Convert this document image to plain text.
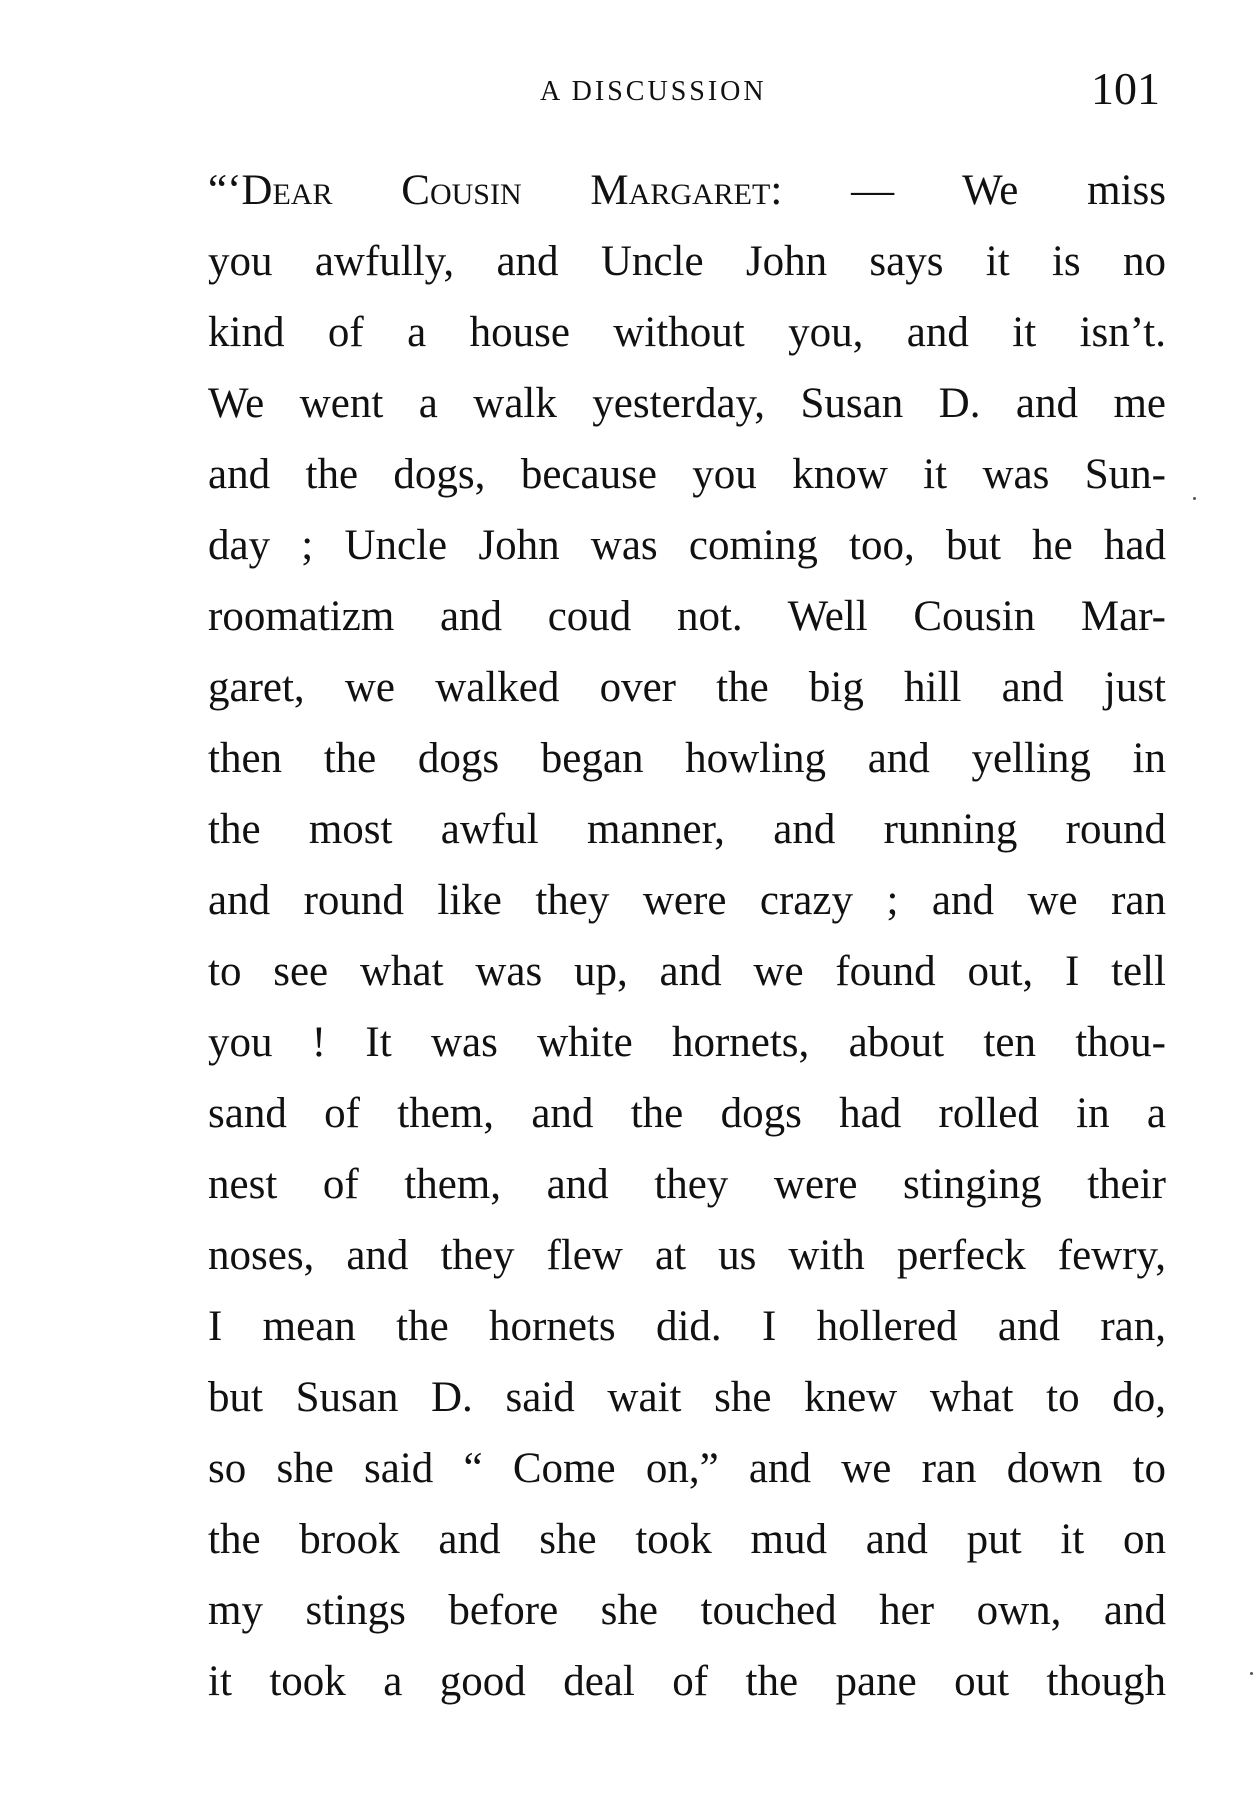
A DISCUSSION	101
“‘Dear Cousin Margaret: — We miss
you awfully, and Uncle John says it is no
kind of a house without you, and it isn’t.
We went a walk yesterday, Susan D. and me
and the dogs, because you know it was Sun-
day ; Uncle John was coming too, but he had
roomatizm and coud not. Well Cousin Mar-
garet, we walked over the big hill and just
then the dogs began howling and yelling in
the most awful manner, and running round
and round like they were crazy ; and we ran
to see what was up, and we found out, I tell
you ! It was white hornets, about ten thou-
sand of them, and the dogs had rolled in a
nest of them, and they were stinging their
noses, and they flew at us with perfeck fewry,
I mean the hornets did. I hollered and ran,
but Susan D. said wait she knew what to do,
so she said “ Come on,” and we ran down to
the brook and she took mud and put it on
my stings before she touched her own, and
it took a good deal of the pane out though
